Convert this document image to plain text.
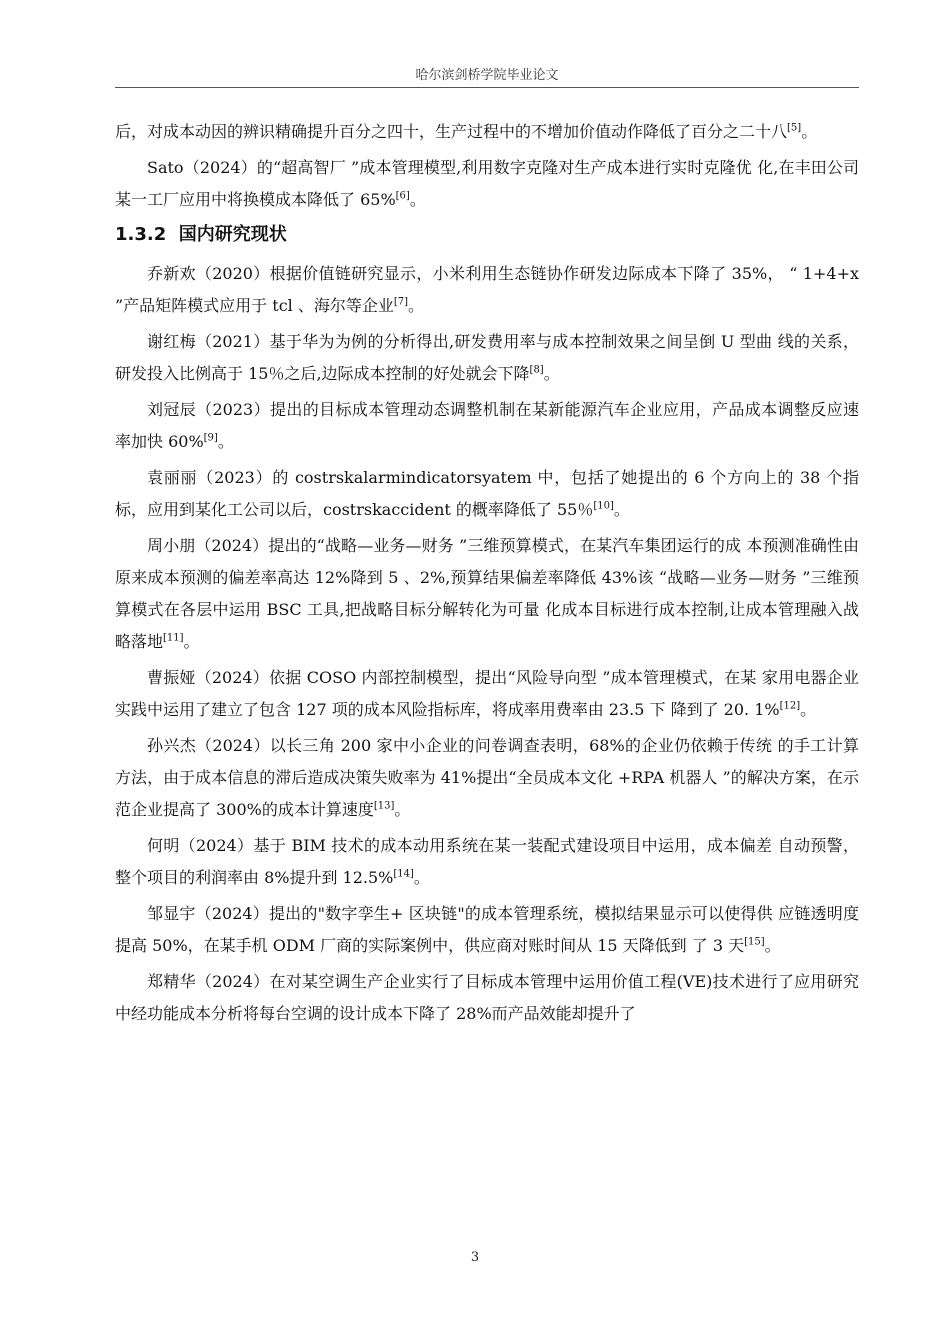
哈尔滨剑桥学院毕业论文

后，对成本动因的辨识精确提升百分之四十，生产过程中的不增加价值动作降低了百分之二十八[5]。

Sato（2024）的“超高智厂 ”成本管理模型,利用数字克隆对生产成本进行实时克隆优 化,在丰田公司某一工厂应用中将换模成本降低了 65%[6]。

1.3.2 国内研究现状

乔新欢（2020）根据价值链研究显示，小米利用生态链协作研发边际成本下降了 35%， “ 1+4+x ”产品矩阵模式应用于 tcl 、海尔等企业[7]。

谢红梅（2021）基于华为为例的分析得出,研发费用率与成本控制效果之间呈倒 U 型曲 线的关系，研发投入比例高于 15％之后,边际成本控制的好处就会下降[8]。

刘冠辰（2023）提出的目标成本管理动态调整机制在某新能源汽车企业应用，产品成本调整反应速率加快 60%[9]。

袁丽丽（2023）的 costrskalarmindicatorsyatem 中，包括了她提出的 6 个方向上的 38 个指标，应用到某化工公司以后，costrskaccident 的概率降低了 55％[10]。

周小朋（2024）提出的“战略—业务—财务 ”三维预算模式，在某汽车集团运行的成 本预测准确性由原来成本预测的偏差率高达 12%降到 5 、2%,预算结果偏差率降低 43%该 “战略—业务—财务 ”三维预算模式在各层中运用 BSC 工具,把战略目标分解转化为可量 化成本目标进行成本控制,让成本管理融入战略落地[11]。

曹振娅（2024）依据 COSO 内部控制模型，提出“风险导向型 ”成本管理模式，在某 家用电器企业实践中运用了建立了包含 127 项的成本风险指标库，将成率用费率由 23.5 下 降到了 20. 1%[12]。

孙兴杰（2024）以长三角 200 家中小企业的问卷调查表明，68%的企业仍依赖于传统 的手工计算方法，由于成本信息的滞后造成决策失败率为 41%提出“全员成本文化 +RPA 机器人 ”的解决方案，在示范企业提高了 300%的成本计算速度[13]。

何明（2024）基于 BIM 技术的成本动用系统在某一装配式建设项目中运用，成本偏差 自动预警，整个项目的利润率由 8%提升到 12.5%[14]。

邹显宇（2024）提出的"数字孪生+ 区块链"的成本管理系统，模拟结果显示可以使得供 应链透明度提高 50%，在某手机 ODM 厂商的实际案例中，供应商对账时间从 15 天降低到 了 3 天[15]。

郑精华（2024）在对某空调生产企业实行了目标成本管理中运用价值工程(VE)技术进行了应用研究中经功能成本分析将每台空调的设计成本下降了 28%而产品效能却提升了

3
